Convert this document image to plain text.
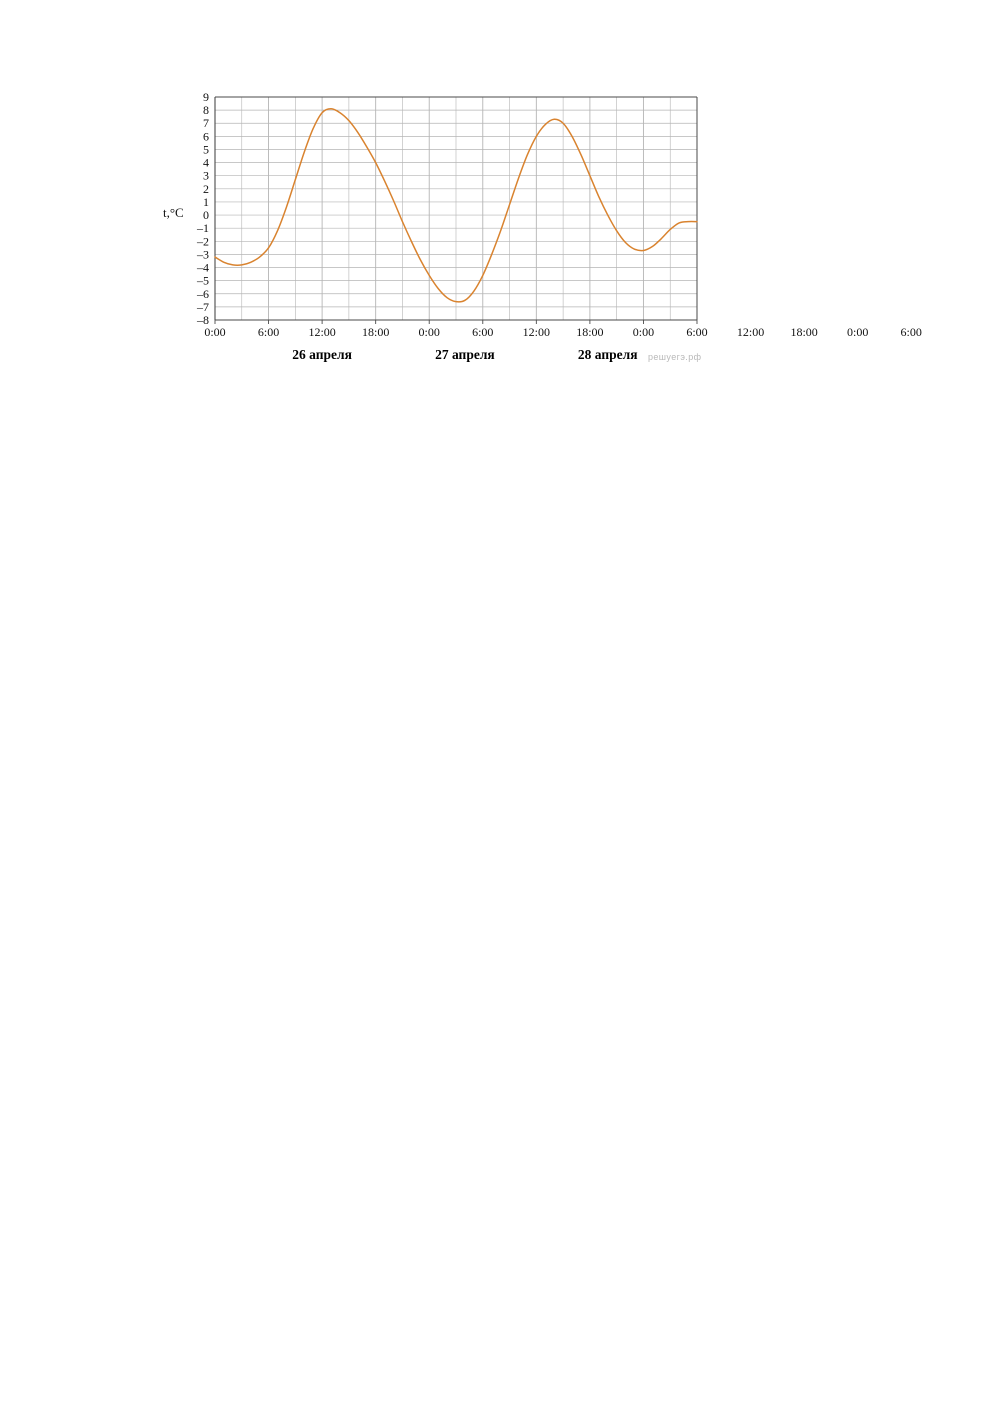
9
8
7
6
5
4
3
2
1
0
–1
–2
–3
–4
–5
–6
–7
–8
0:00	6:00 12:00 18:00 0:00	6:00 12:00 18:00 0:00	6:00 12:00 18:00 0:00	6:00
t,°C
26 апреля	27 апреля	28 апреля решуегэ.рф
